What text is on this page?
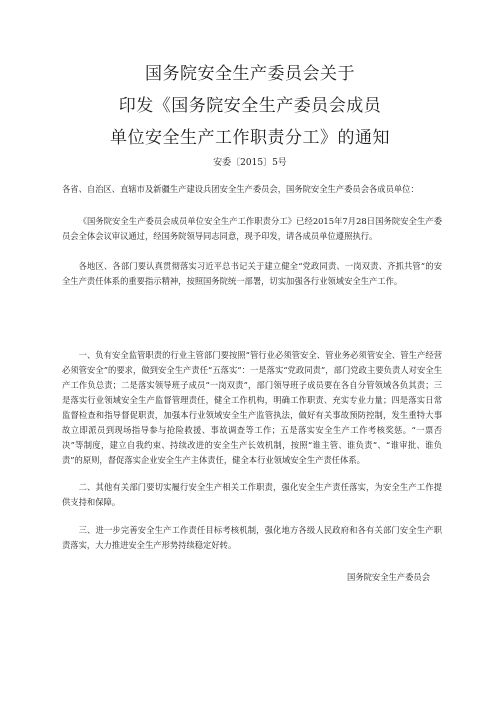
国务院安全生产委员会关于
印发《国务院安全生产委员会成员
单位安全生产工作职责分工》的通知
安委〔2015〕5号
各省、自治区、直辖市及新疆生产建设兵团安全生产委员会，国务院安全生产委员会各成员单位：

《国务院安全生产委员会成员单位安全生产工作职责分工》已经2015年7月28日国务院安全生产委员会全体会议审议通过，经国务院领导同志同意，现予印发，请各成员单位遵照执行。

各地区、各部门要认真贯彻落实习近平总书记关于建立健全“党政同责、一岗双责、齐抓共管”的安全生产责任体系的重要指示精神，按照国务院统一部署，切实加强各行业领域安全生产工作。

一、负有安全监管职责的行业主管部门要按照“管行业必须管安全、管业务必须管安全、管生产经营必须管安全”的要求，做到安全生产责任“五落实”：一是落实“党政同责”，部门党政主要负责人对安全生产工作负总责；二是落实领导班子成员“一岗双责”，部门领导班子成员要在各自分管领域各负其责；三是落实行业领域安全生产监督管理责任，健全工作机构，明确工作职责、充实专业力量；四是落实日常监督检查和指导督促职责，加强本行业领域安全生产监管执法，做好有关事故预防控制，发生重特大事故立即派员到现场指导参与抢险救援、事故调查等工作；五是落实安全生产工作考核奖惩。“一票否决”等制度，建立自我约束、持续改进的安全生产长效机制，按照“谁主管、谁负责”、“谁审批、谁负责”的原则，督促落实企业安全生产主体责任，健全本行业领域安全生产责任体系。

二、其他有关部门要切实履行安全生产相关工作职责，强化安全生产责任落实，为安全生产工作提供支持和保障。

三、进一步完善安全生产工作责任目标考核机制，强化地方各级人民政府和各有关部门安全生产职责落实，大力推进安全生产形势持续稳定好转。

国务院安全生产委员会
